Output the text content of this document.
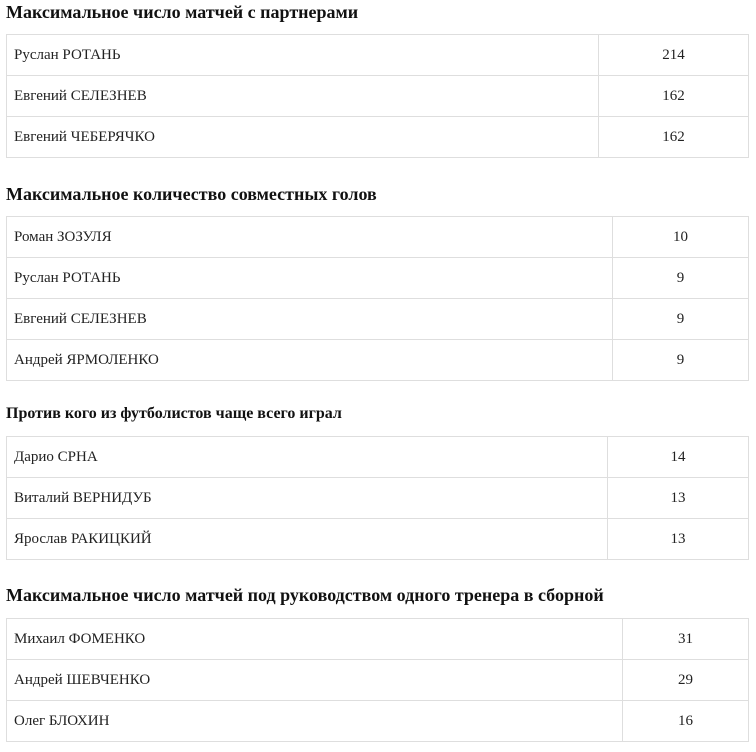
Максимальное число матчей с партнерами
Руслан РОТАНЬ	214
Евгений СЕЛЕЗНЕВ	162
Евгений ЧЕБЕРЯЧКО	162
Максимальное количество совместных голов
Роман ЗОЗУЛЯ	10
Руслан РОТАНЬ	9
Евгений СЕЛЕЗНЕВ	9
Андрей ЯРМОЛЕНКО	9
Против кого из футболистов чаще всего играл
Дарио СРНА	14
Виталий ВЕРНИДУБ	13
Ярослав РАКИЦКИЙ	13
Максимальное число матчей под руководством одного тренера в сборной
Михаил ФОМЕНКО	31
Андрей ШЕВЧЕНКО	29
Олег БЛОХИН	16
